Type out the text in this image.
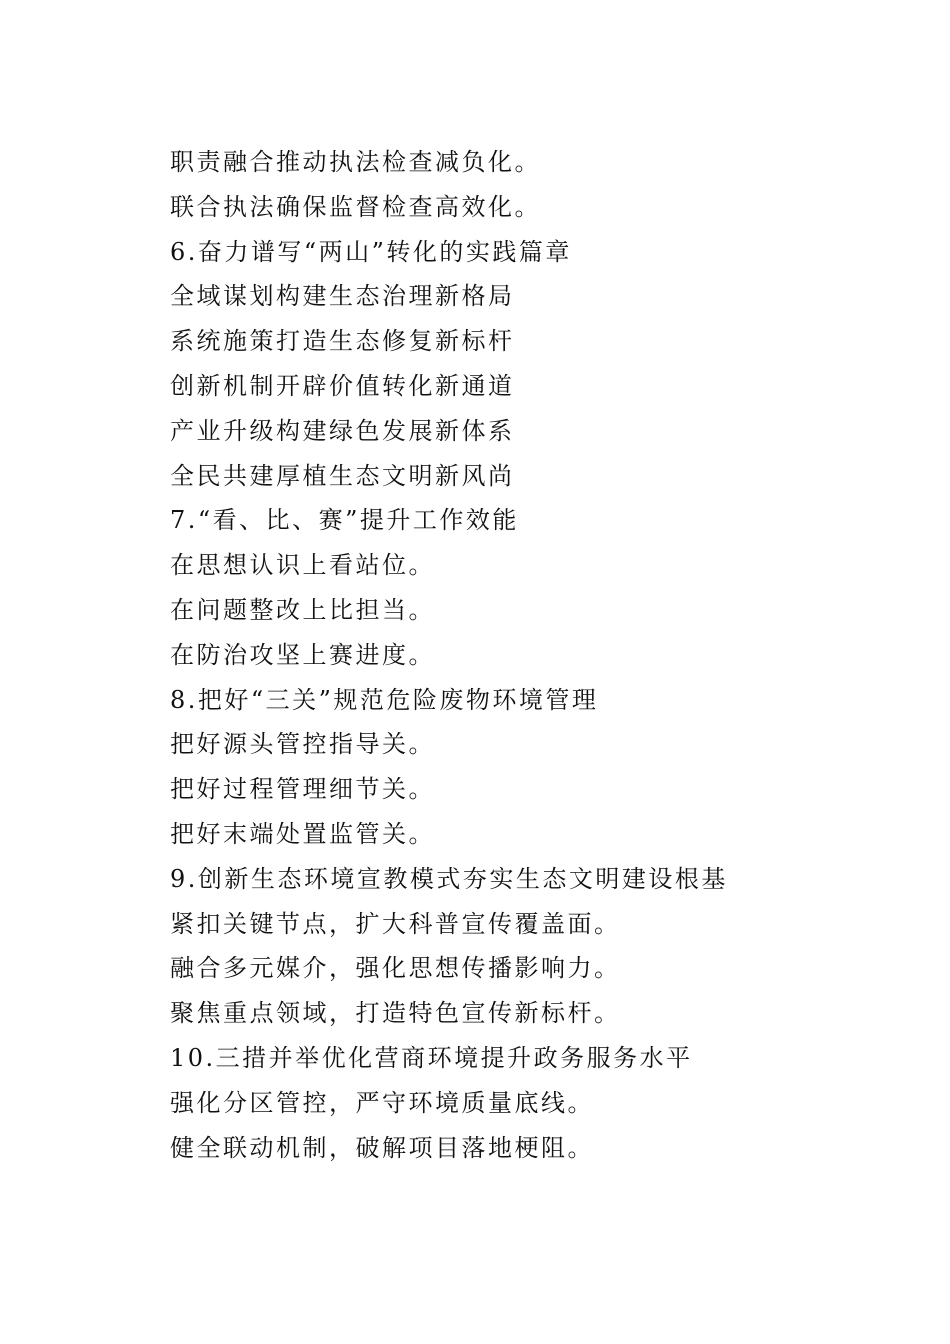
职责融合推动执法检查减负化。
联合执法确保监督检查高效化。
6.奋力谱写“两山”转化的实践篇章
全域谋划构建生态治理新格局
系统施策打造生态修复新标杆
创新机制开辟价值转化新通道
产业升级构建绿色发展新体系
全民共建厚植生态文明新风尚
7.“看、比、赛”提升工作效能
在思想认识上看站位。
在问题整改上比担当。
在防治攻坚上赛进度。
8.把好“三关”规范危险废物环境管理
把好源头管控指导关。
把好过程管理细节关。
把好末端处置监管关。
9.创新生态环境宣教模式夯实生态文明建设根基
紧扣关键节点，扩大科普宣传覆盖面。
融合多元媒介，强化思想传播影响力。
聚焦重点领域，打造特色宣传新标杆。
10.三措并举优化营商环境提升政务服务水平
强化分区管控，严守环境质量底线。
健全联动机制，破解项目落地梗阻。
